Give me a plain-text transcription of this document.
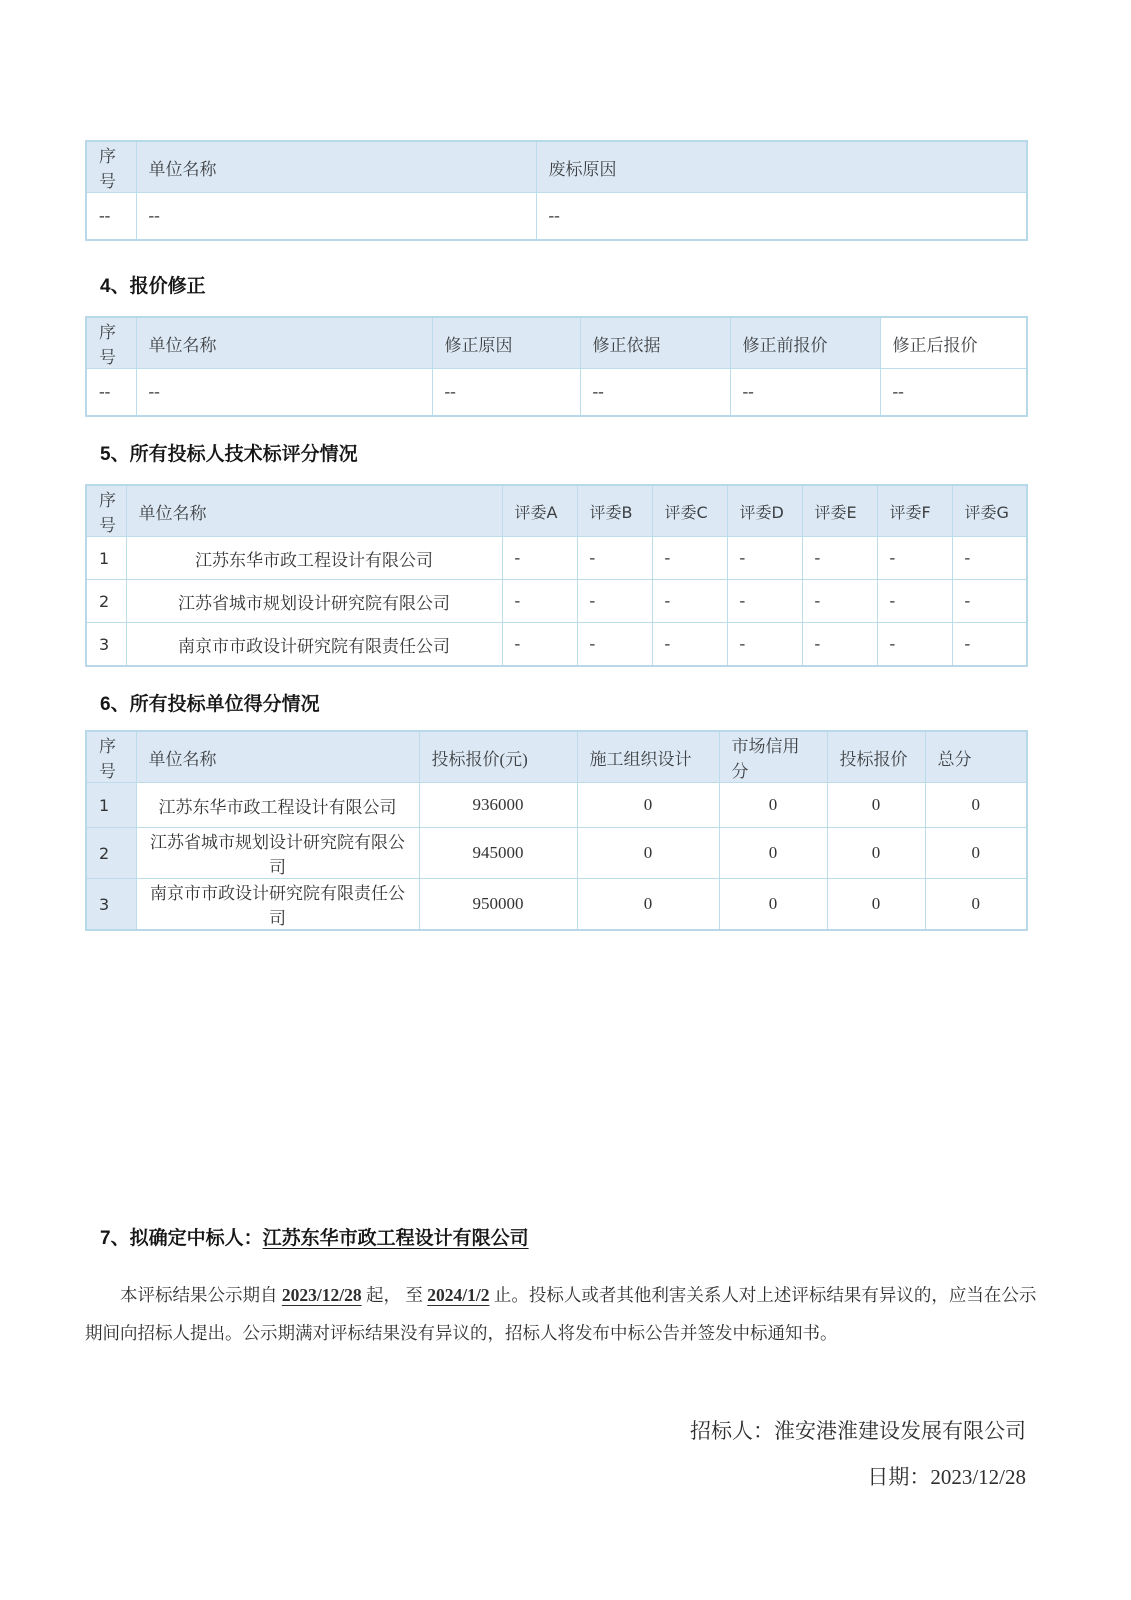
序号	单位名称	废标原因
--	--	--
4、报价修正
序号	单位名称	修正原因	修正依据	修正前报价	修正后报价
--	--	--	--	--	--
5、所有投标人技术标评分情况
序号	单位名称	评委A	评委B	评委C	评委D	评委E	评委F	评委G
1	江苏东华市政工程设计有限公司	-	-	-	-	-	-	-
2	江苏省城市规划设计研究院有限公司	-	-	-	-	-	-	-
3	南京市市政设计研究院有限责任公司	-	-	-	-	-	-	-
6、所有投标单位得分情况
序号	单位名称	投标报价(元)	施工组织设计	市场信用分	投标报价	总分
1	江苏东华市政工程设计有限公司	936000	0	0	0	0
2	江苏省城市规划设计研究院有限公司	945000	0	0	0	0
3	南京市市政设计研究院有限责任公司	950000	0	0	0	0
7、拟确定中标人：江苏东华市政工程设计有限公司

本评标结果公示期自 2023/12/28 起， 至 2024/1/2 止。投标人或者其他利害关系人对上述评标结果有异议的，应当在公示期间向招标人提出。公示期满对评标结果没有异议的，招标人将发布中标公告并签发中标通知书。

招标人：淮安港淮建设发展有限公司
日期：2023/12/28
